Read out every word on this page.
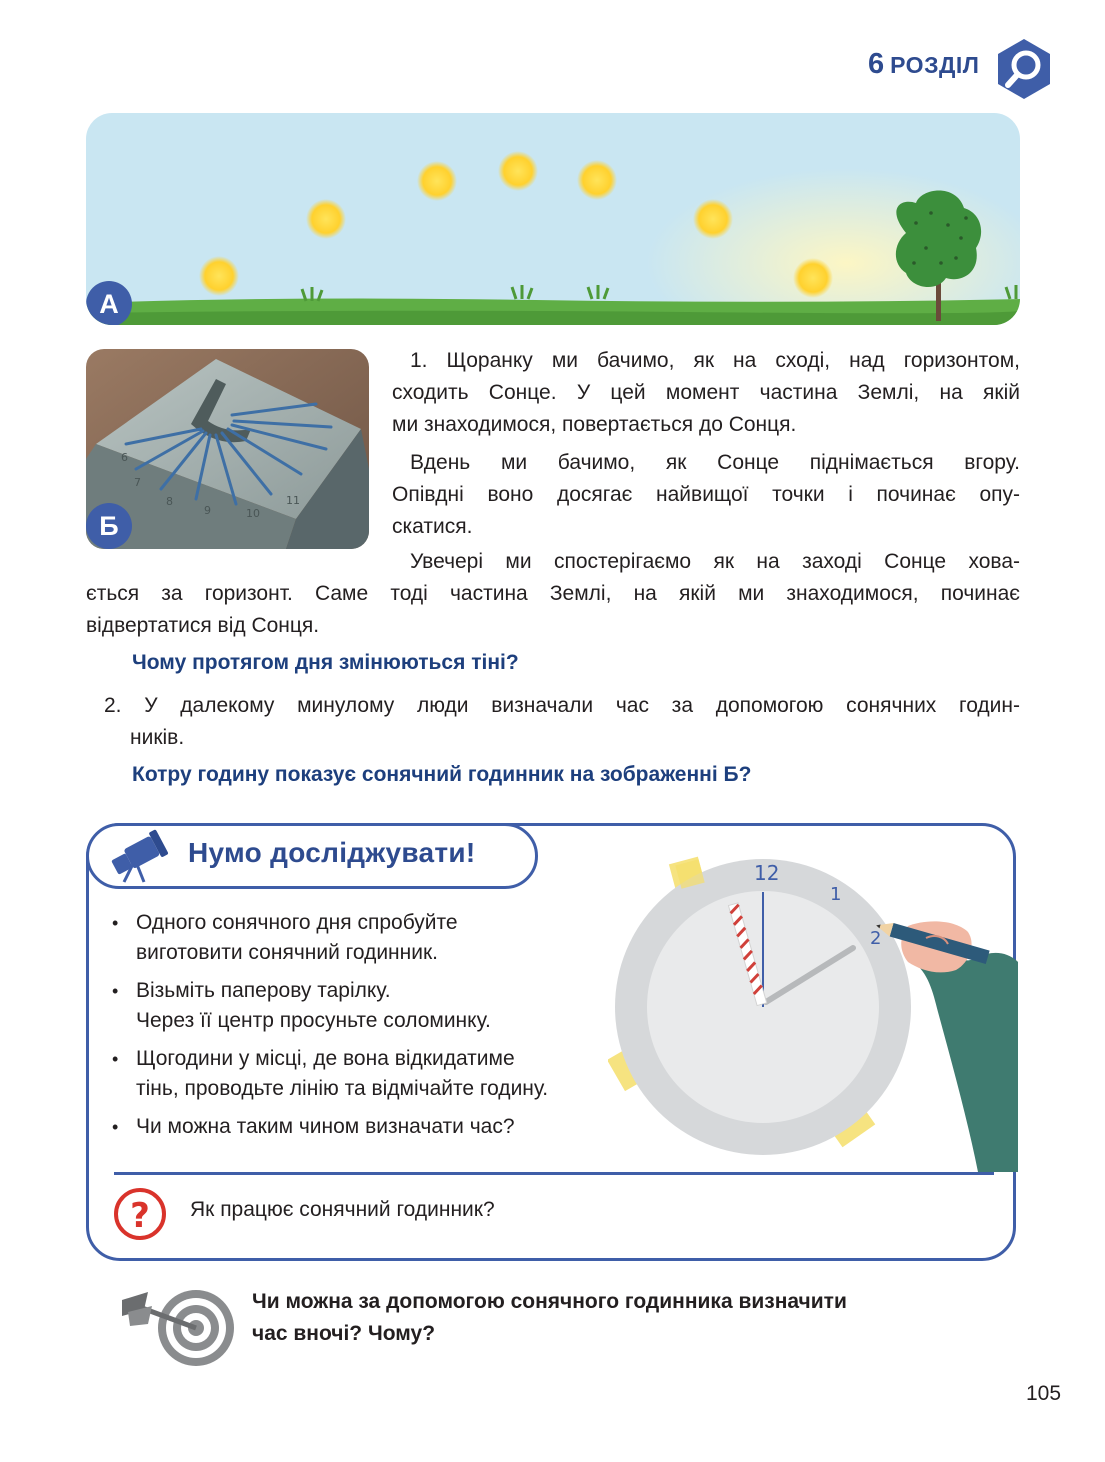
6 РОЗДІЛ
А
6
7
8
9	10
11
Б

1. Щоранку ми бачимо, як на сході, над горизонтом,

сходить Сонце. У цей момент частина Землі, на якій

ми знаходимося, повертається до Сонця.

Вдень ми бачимо, як Сонце піднімається вгору.

Опівдні воно досягає найвищої точки і починає опу-

скатися.

Увечері ми спостерігаємо як на заході Сонце хова-

ється за горизонт. Саме тоді частина Землі, на якій ми знаходимося, починає

відвертатися від Сонця.

Чому протягом дня змінюються тіні?

2. У далекому минулому люди визначали час за допомогою сонячних годин-

ників.

Котру годину показує сонячний годинник на зображенні Б?

Нумо досліджувати!
• Одного сонячного дня спробуйте
виготовити сонячний годинник.
• Візьміть паперову тарілку.
Через її центр просуньте соломинку.
• Щогодини у місці, де вона відкидатиме
тінь, проводьте лінію та відмічайте годину.
• Чи можна таким чином визначати час?
12
1
2
? Як працює сонячний годинник?
Чи можна за допомогою сонячного годинника визначити
час вночі? Чому?
105
